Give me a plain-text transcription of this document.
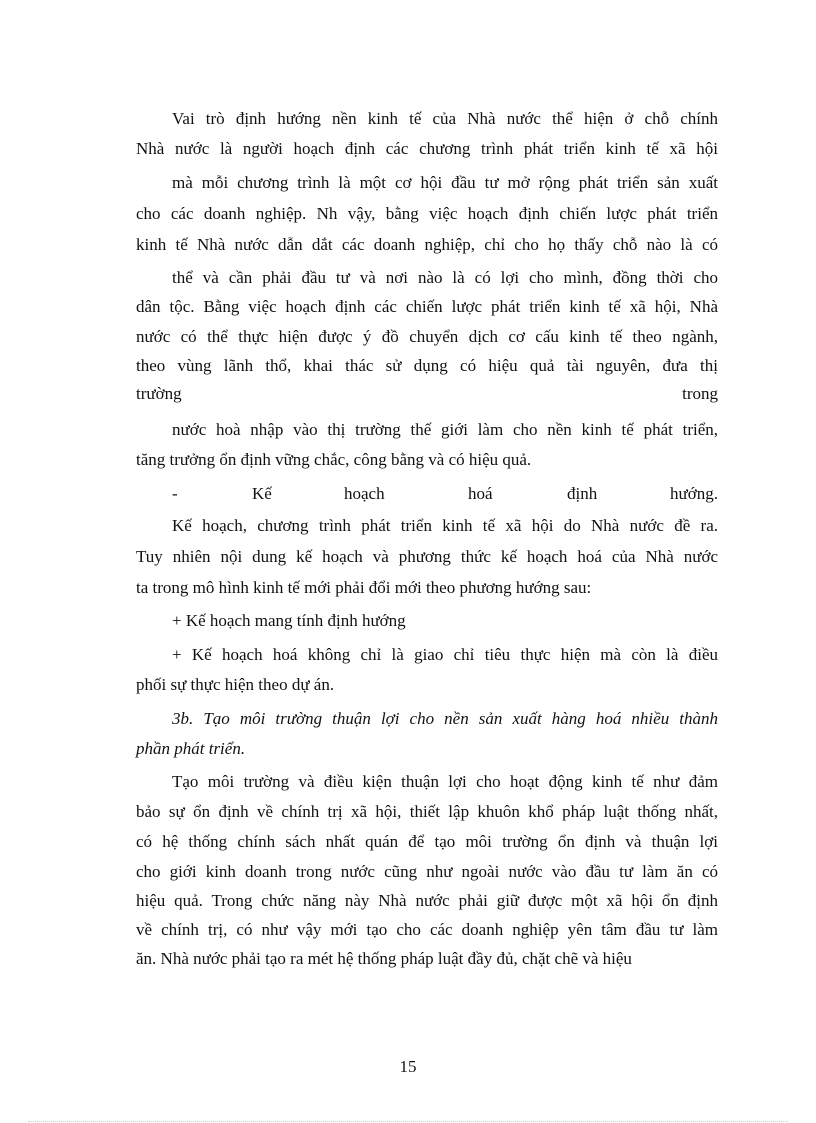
Vai trò định hướng nền kinh tế của Nhà nước thể hiện ở chỗ chính
Nhà nước là người hoạch định các chương trình phát triển kinh tế xã hội
mà mỗi chương trình là một cơ hội đầu tư mở rộng phát triển sản xuất
cho các doanh nghiệp. Nh vậy, bằng việc hoạch định chiến lược phát triển
kinh tế Nhà nước dẫn dắt các doanh nghiệp, chỉ cho họ thấy chỗ nào là có
thể và cần phải đầu tư và nơi nào là có lợi cho mình, đồng thời cho
dân tộc. Bằng việc hoạch định các chiến lược phát triển kinh tế xã hội, Nhà
nước có thể thực hiện được ý đồ chuyển dịch cơ cấu kinh tế theo ngành,
theo vùng lãnh thổ, khai thác sử dụng có hiệu quả tài nguyên, đưa thị
trường	trong
nước hoà nhập vào thị trường thế giới làm cho nền kinh tế phát triển,
tăng trưởng ổn định vững chắc, công bằng và có hiệu quả.
-	Kế	hoạch	hoá	định	hướng.
Kế hoạch, chương trình phát triển kinh tế xã hội do Nhà nước đề ra.
Tuy nhiên nội dung kế hoạch và phương thức kế hoạch hoá của Nhà nước
ta trong mô hình kinh tế mới phải đổi mới theo phương hướng sau:
+ Kế hoạch mang tính định hướng
+ Kế hoạch hoá không chỉ là giao chỉ tiêu thực hiện mà còn là điều
phối sự thực hiện theo dự án.
3b. Tạo môi trường thuận lợi cho nền sản xuất hàng hoá nhiều thành
phần phát triển.
Tạo môi trường và điều kiện thuận lợi cho hoạt động kinh tế như đảm
bảo sự ổn định về chính trị xã hội, thiết lập khuôn khổ pháp luật thống nhất,
có hệ thống chính sách nhất quán để tạo môi trường ổn định và thuận lợi
cho giới kinh doanh trong nước cũng như ngoài nước vào đầu tư làm ăn có
hiệu quả. Trong chức năng này Nhà nước phải giữ được một xã hội ổn định
về chính trị, có như vậy mới tạo cho các doanh nghiệp yên tâm đầu tư làm
ăn. Nhà nước phải tạo ra mét hệ thống pháp luật đầy đủ, chặt chẽ và hiệu
15
